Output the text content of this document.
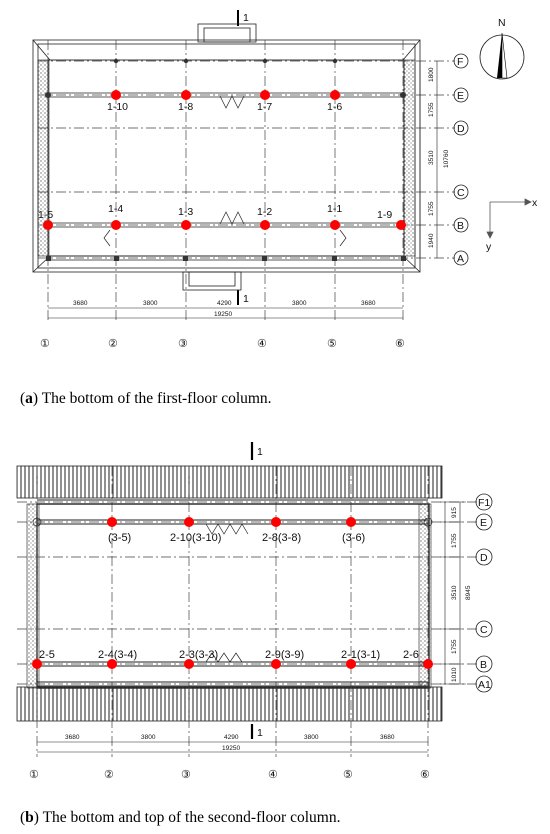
1
1
1-10	1-8	1-7	1-6
1-5	1-4	1-3	1-2	1-1	1-9
1800
1755
3510
1755
1940
10760
F
E
D
C
B
A
N
x
y
3680	3800	4290	3800	3680
19250
①	②	③	④	⑤	⑥
(a) The bottom of the first-floor column.
1
1
(3-5)	2-10(3-10)	2-8(3-8)	(3-6)
2-5	2-4(3-4)	2-3(3-3)	2-9(3-9)	2-1(3-1) 2-6
915
1755
3510
1755
1010
8945
F1
E
D
C
B
A1
3680	3800	4290	3800	3680
19250
①	②	③	④	⑤	⑥
(b) The bottom and top of the second-floor column.
